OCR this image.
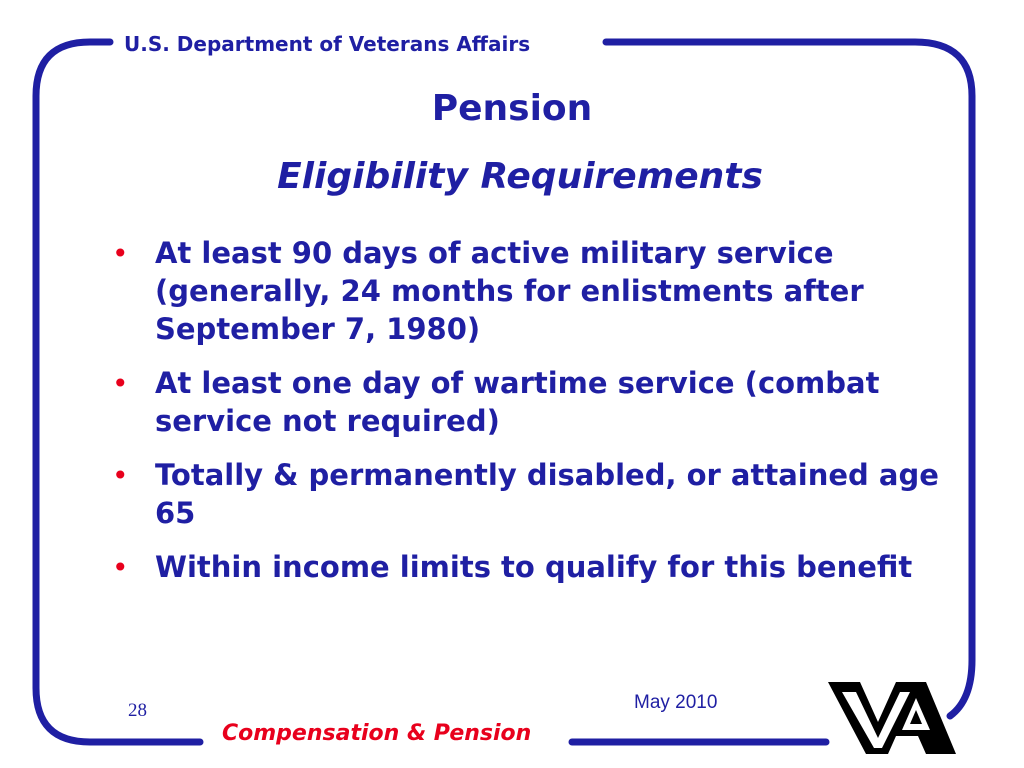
U.S. Department of Veterans Affairs
Pension
Eligibility Requirements
• At least 90 days of active military service (generally, 24 months for enlistments after September 7, 1980)
• At least one day of wartime service (combat service not required)
• Totally & permanently disabled, or attained age 65
• Within income limits to qualify for this benefit
28	May 2010
Compensation & Pension
